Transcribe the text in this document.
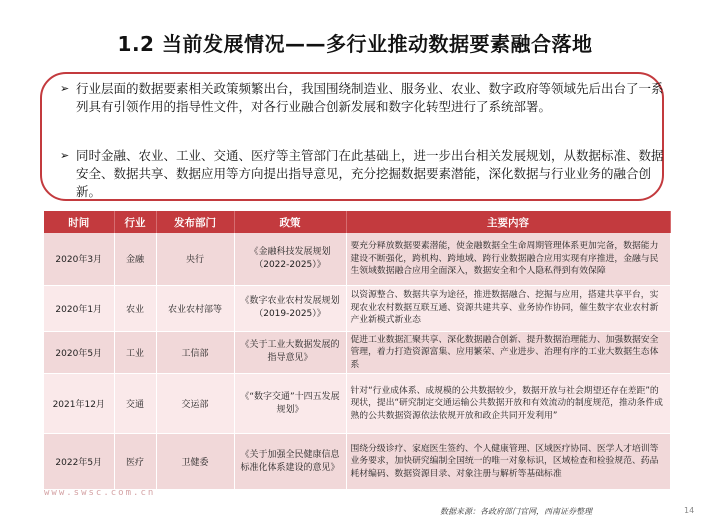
1.2 当前发展情况——多行业推动数据要素融合落地
➢ 行业层面的数据要素相关政策频繁出台，我国围绕制造业、服务业、农业、数字政府等领域先后出台了一系列具有引领作用的指导性文件，对各行业融合创新发展和数字化转型进行了系统部署。
➢ 同时金融、农业、工业、交通、医疗等主管部门在此基础上，进一步出台相关发展规划，从数据标准、数据安全、数据共享、数据应用等方向提出指导意见，充分挖掘数据要素潜能，深化数据与行业业务的融合创新。
时间	行业	发布部门	政策	主要内容
2020年3月	金融	央行	《金融科技发展规划（2022-2025）》	要充分释放数据要素潜能，使金融数据全生命周期管理体系更加完备，数据能力建设不断强化，跨机构、跨地域、跨行业数据融合应用实现有序推进，金融与民生领域数据融合应用全面深入，数据安全和个人隐私得到有效保障
2020年1月	农业	农业农村部等	《数字农业农村发展规划（2019-2025）》	以资源整合、数据共享为途径，推进数据融合、挖掘与应用，搭建共享平台，实现农业农村数据互联互通、资源共建共享、业务协作协同，催生数字农业农村新产业新模式新业态
2020年5月	工业	工信部	《关于工业大数据发展的指导意见》	促进工业数据汇聚共享、深化数据融合创新、提升数据治理能力、加强数据安全管理，着力打造资源富集、应用繁荣、产业进步、治理有序的工业大数据生态体系
2021年12月	交通	交运部	《“数字交通”十四五发展规划》	针对“行业成体系、成规模的公共数据较少，数据开放与社会期望还存在差距”的现状，提出“研究制定交通运输公共数据开放和有效流动的制度规范，推动条件成熟的公共数据资源依法依规开放和政企共同开发利用”
2022年5月	医疗	卫健委	《关于加强全民健康信息标准化体系建设的意见》	围绕分级诊疗、家庭医生签约、个人健康管理、区域医疗协同、医学人才培训等业务要求，加快研究编制全国统一的唯一对象标识，区域检查和检验规范、药品耗材编码、数据资源目录、对象注册与解析等基础标准
www.swsc.com.cn
数据来源：各政府部门官网，西南证券整理	14
